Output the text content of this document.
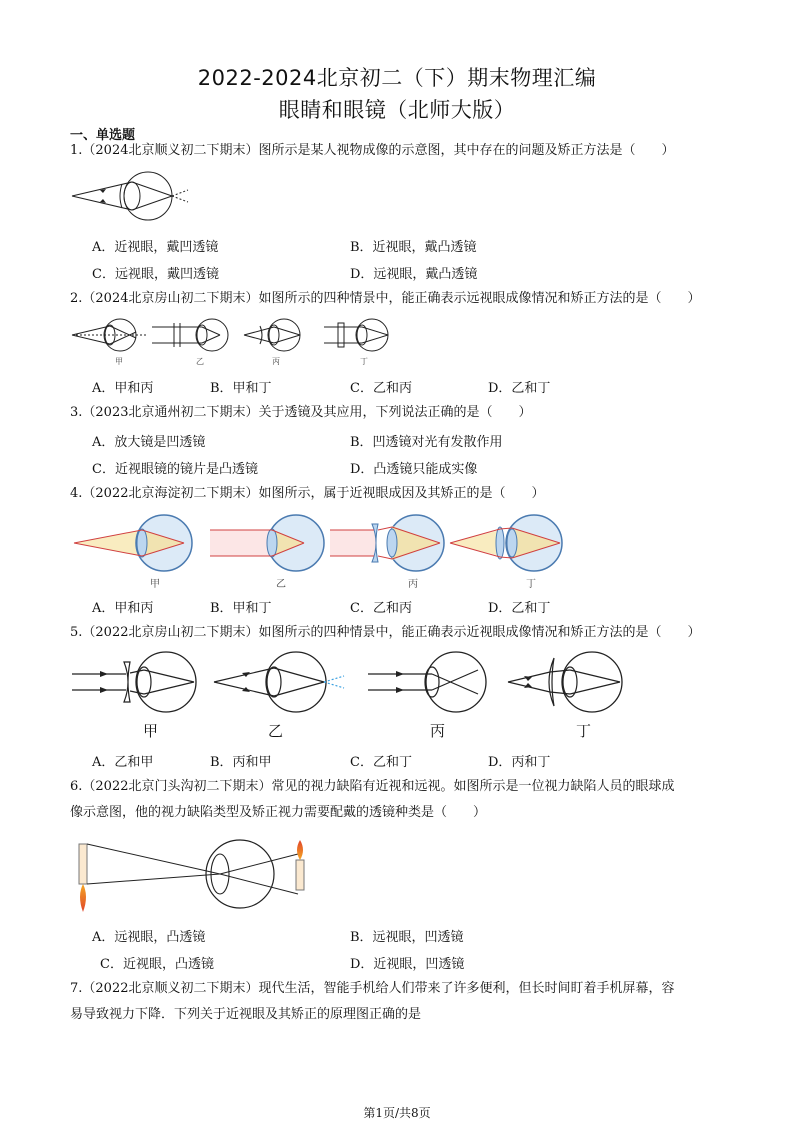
2022-2024北京初二（下）期末物理汇编
眼睛和眼镜（北师大版）
一、单选题
1.（2024北京顺义初二下期末）图所示是某人视物成像的示意图，其中存在的问题及矫正方法是（　　）
A．近视眼，戴凹透镜	B．近视眼，戴凸透镜
C．远视眼，戴凹透镜	D．远视眼，戴凸透镜
2.（2024北京房山初二下期末）如图所示的四种情景中，能正确表示远视眼成像情况和矫正方法的是（　　）
甲	乙	丙	丁
A．甲和丙	B．甲和丁	C．乙和丙	D．乙和丁
3.（2023北京通州初二下期末）关于透镜及其应用，下列说法正确的是（　　）
A．放大镜是凹透镜	B．凹透镜对光有发散作用
C．近视眼镜的镜片是凸透镜	D．凸透镜只能成实像
4.（2022北京海淀初二下期末）如图所示，属于近视眼成因及其矫正的是（　　）
甲	乙	丙	丁
A．甲和丙	B．甲和丁	C．乙和丙	D．乙和丁
5.（2022北京房山初二下期末）如图所示的四种情景中，能正确表示近视眼成像情况和矫正方法的是（　　）
甲	乙	丙	丁
A．乙和甲	B．丙和甲	C．乙和丁	D．丙和丁
6.（2022北京门头沟初二下期末）常见的视力缺陷有近视和远视。如图所示是一位视力缺陷人员的眼球成
像示意图，他的视力缺陷类型及矫正视力需要配戴的透镜种类是（　　）
A．远视眼，凸透镜	B．远视眼，凹透镜
C．近视眼，凸透镜	D．近视眼，凹透镜
7.（2022北京顺义初二下期末）现代生活，智能手机给人们带来了许多便利，但长时间盯着手机屏幕，容
易导致视力下降．下列关于近视眼及其矫正的原理图正确的是
第1页/共8页
